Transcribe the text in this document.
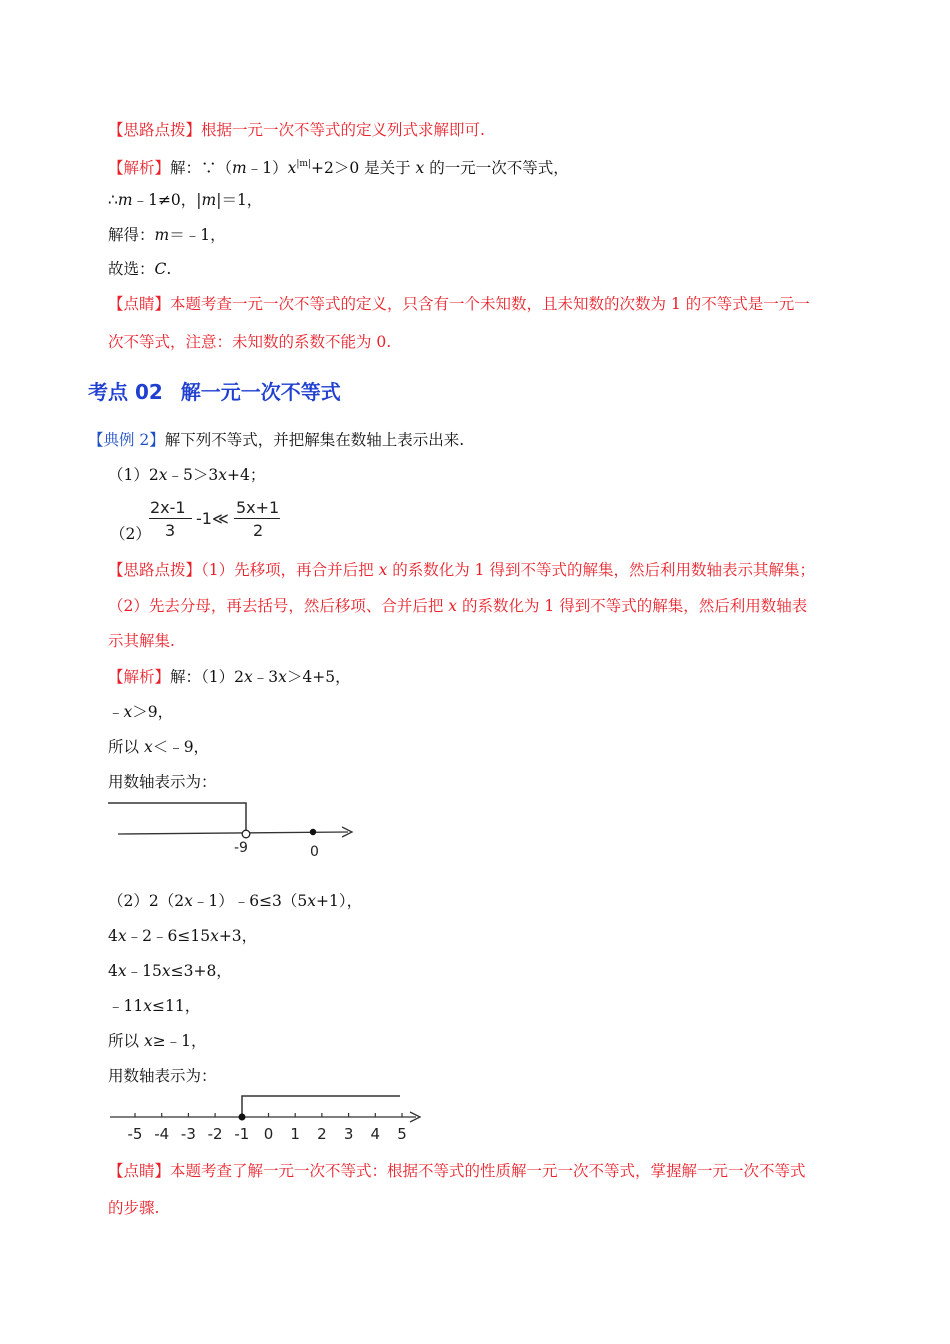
【思路点拨】根据一元一次不等式的定义列式求解即可.
【解析】解：$\because(m﹣1)x^{|m|}+2>0$ 是关于 x 的一元一次不等式，
∴m﹣1≠0，|m|＝1，
解得：m＝﹣1，
故选：C.
【点睛】本题考查一元一次不等式的定义，只含有一个未知数，且未知数的次数为 1 的不等式是一元一
次不等式，注意：未知数的系数不能为 0.
考点 02 解一元一次不等式
【典例 2】解下列不等式，并把解集在数轴上表示出来.
（1）2x﹣5＞3x+4；
（2）
2x-1
3
-1≪
5x+1
2
【思路点拨】（1）先移项，再合并后把 x 的系数化为 1 得到不等式的解集，然后利用数轴表示其解集；
（2）先去分母，再去括号，然后移项、合并后把 x 的系数化为 1 得到不等式的解集，然后利用数轴表
示其解集.
【解析】解：（1）2x﹣3x＞4+5，
﹣x＞9，
所以 x＜﹣9，
用数轴表示为：
-9	0
（2）2（2x﹣1）﹣6≤3（5x+1），
4x﹣2﹣6≤15x+3，
4x﹣15x≤3+8，
﹣11x≤11，
所以 x≥﹣1，
用数轴表示为：
-5 -4 -3 -2 -1 0 1 2 3 4 5
【点睛】本题考查了解一元一次不等式：根据不等式的性质解一元一次不等式，掌握解一元一次不等式
的步骤.
